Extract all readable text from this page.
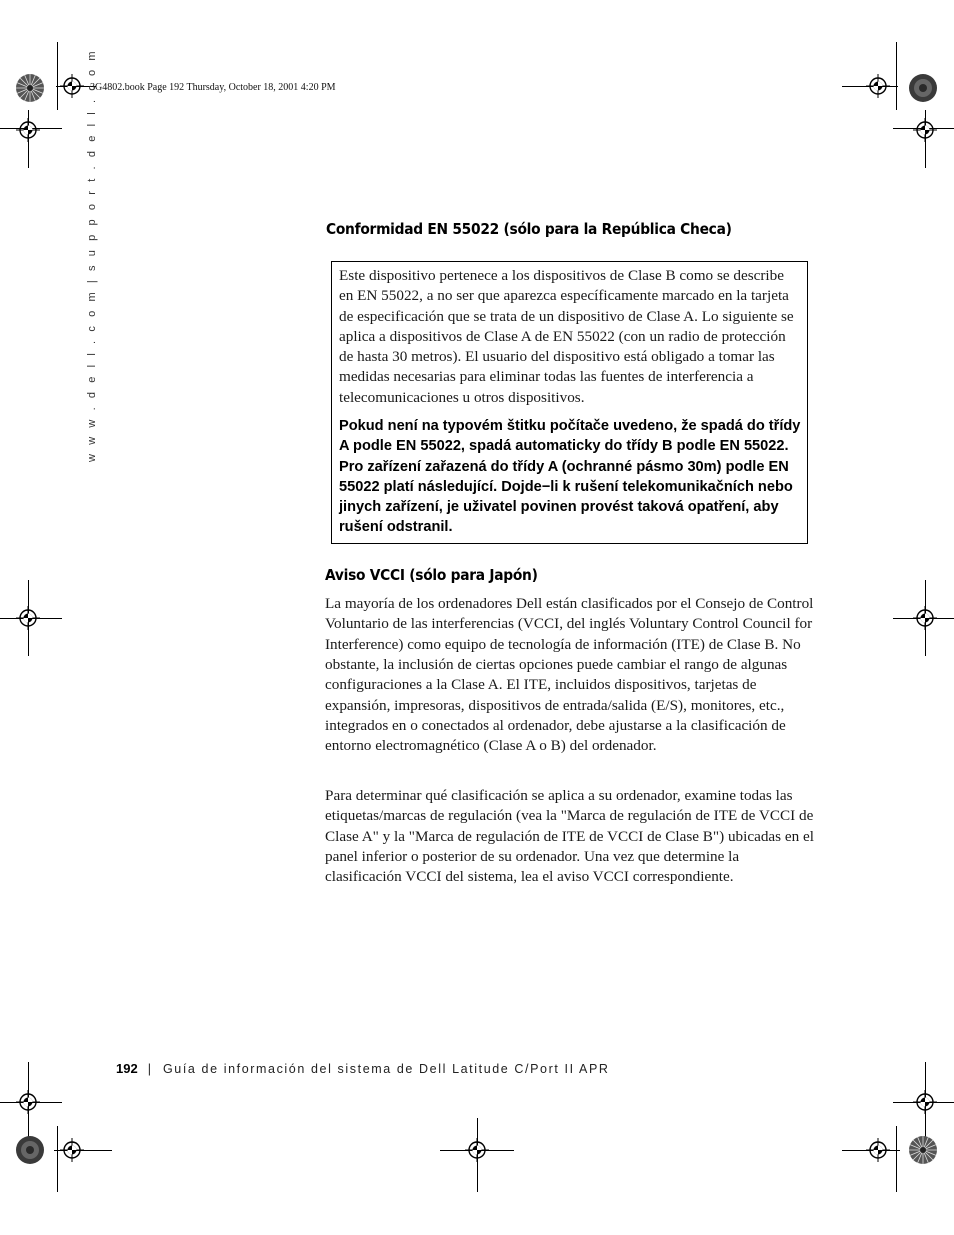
3G4802.book Page 192 Thursday, October 18, 2001 4:20 PM
w w w . d e l l . c o m | s u p p o r t . d e l l . c o m	Conformidad EN 55022 (sólo para la República Checa)
Este dispositivo pertenece a los dispositivos de Clase B como se describe en EN 55022, a no ser que aparezca específicamente marcado en la tarjeta de especificación que se trata de un dispositivo de Clase A. Lo siguiente se aplica a dispositivos de Clase A de EN 55022 (con un radio de protección de hasta 30 metros). El usuario del dispositivo está obligado a tomar las medidas necesarias para eliminar todas las fuentes de interferencia a telecomunicaciones u otros dispositivos.
Pokud není na typovém štitku počítače uvedeno, že spadá do třídy A podle EN 55022, spadá automaticky do třídy B podle EN 55022. Pro zařízení zařazená do třídy A (ochranné pásmo 30m) podle EN 55022 platí následující. Dojde−li k rušení telekomunikačních nebo jinych zařízení, je uživatel povinen provést taková opatření, aby rušení odstranil.
Aviso VCCI (sólo para Japón)
La mayoría de los ordenadores Dell están clasificados por el Consejo de Control Voluntario de las interferencias (VCCI, del inglés Voluntary Control Council for Interference) como equipo de tecnología de información (ITE) de Clase B. No obstante, la inclusión de ciertas opciones puede cambiar el rango de algunas configuraciones a la Clase A. El ITE, incluidos dispositivos, tarjetas de expansión, impresoras, dispositivos de entrada/salida (E/S), monitores, etc., integrados en o conectados al ordenador, debe ajustarse a la clasificación de entorno electromagnético (Clase A o B) del ordenador.
Para determinar qué clasificación se aplica a su ordenador, examine todas las etiquetas/marcas de regulación (vea la "Marca de regulación de ITE de VCCI de Clase A" y la "Marca de regulación de ITE de VCCI de Clase B") ubicadas en el panel inferior o posterior de su ordenador. Una vez que determine la clasificación VCCI del sistema, lea el aviso VCCI correspondiente.
192 | Guía de información del sistema de Dell Latitude C/Port II APR
